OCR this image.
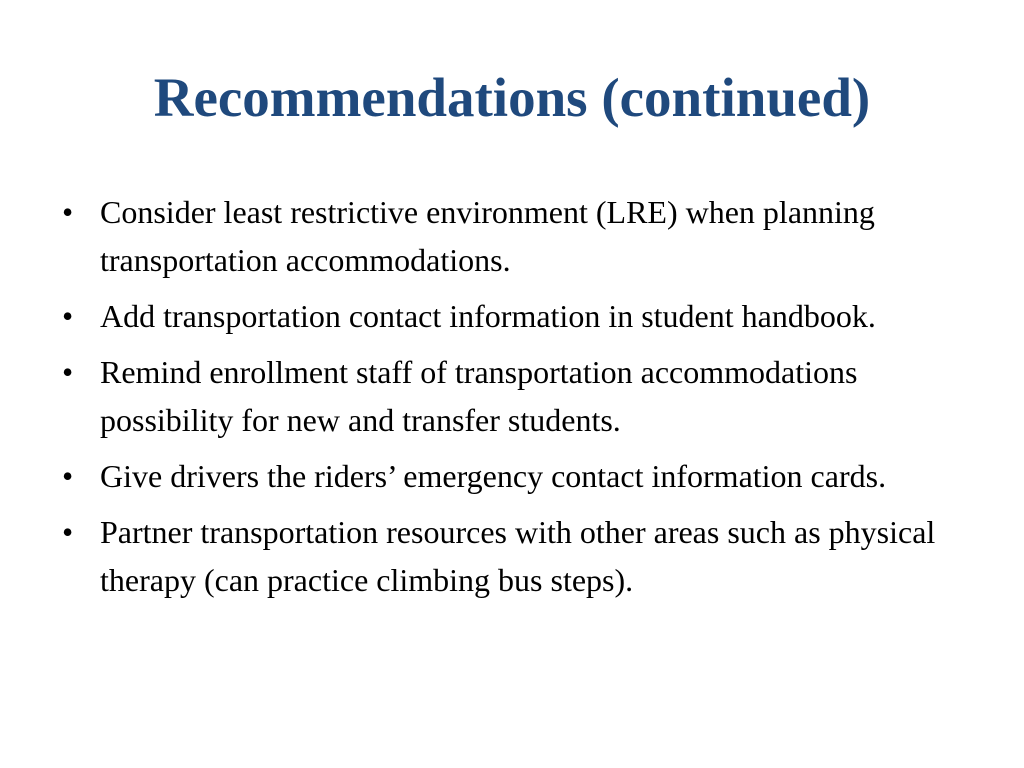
Recommendations (continued)
• Consider least restrictive environment (LRE) when planning transportation accommodations.
• Add transportation contact information in student handbook.
• Remind enrollment staff of transportation accommodations possibility for new and transfer students.
• Give drivers the riders’ emergency contact information cards.
• Partner transportation resources with other areas such as physical therapy (can practice climbing bus steps).
